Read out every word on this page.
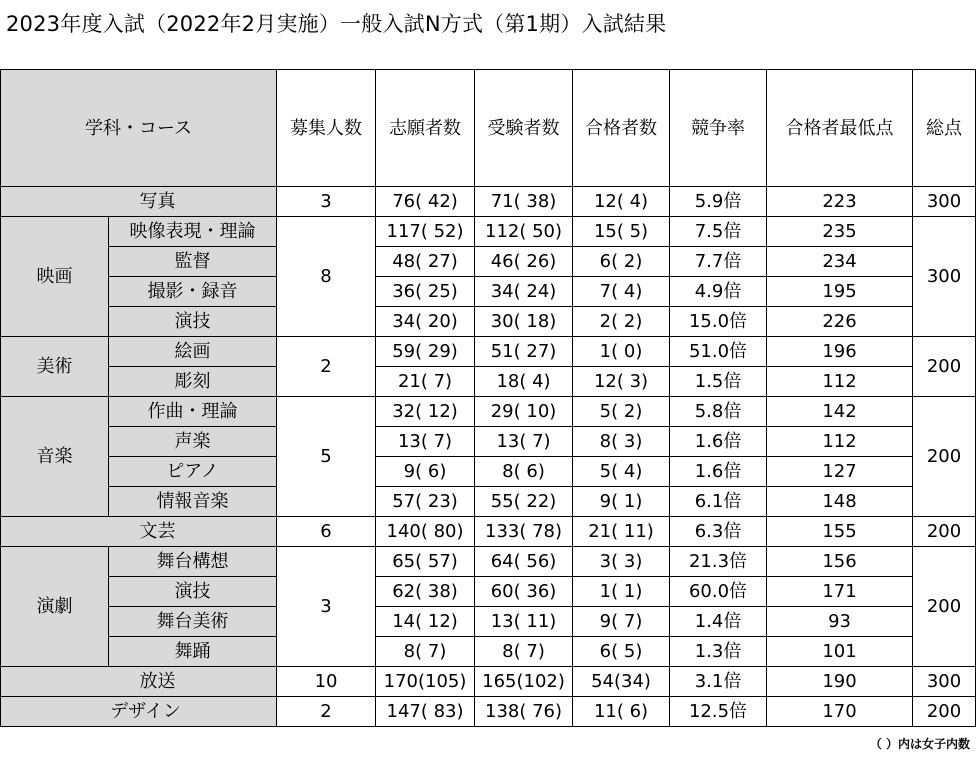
2023年度入試（2022年2月実施）一般入試N方式（第1期）入試結果
学科・コース		募集人数	志願者数	受験者数	合格者数	競争率	合格者最低点	総点
写真		3	76( 42)	71( 38)	12( 4)	5.9倍	223	300
映画	映像表現・理論	8	117( 52)	112( 50)	15( 5)	7.5倍	235	300
	監督		48( 27)	46( 26)	6( 2)	7.7倍	234	
	撮影・録音		36( 25)	34( 24)	7( 4)	4.9倍	195	
	演技		34( 20)	30( 18)	2( 2)	15.0倍	226	
美術	絵画	2	59( 29)	51( 27)	1( 0)	51.0倍	196	200
	彫刻		21( 7)	18( 4)	12( 3)	1.5倍	112	
音楽	作曲・理論	5	32( 12)	29( 10)	5( 2)	5.8倍	142	200
	声楽		13( 7)	13( 7)	8( 3)	1.6倍	112	
	ピアノ		9( 6)	8( 6)	5( 4)	1.6倍	127	
	情報音楽		57( 23)	55( 22)	9( 1)	6.1倍	148	
文芸		6	140( 80)	133( 78)	21( 11)	6.3倍	155	200
演劇	舞台構想	3	65( 57)	64( 56)	3( 3)	21.3倍	156	200
	演技		62( 38)	60( 36)	1( 1)	60.0倍	171	
	舞台美術		14( 12)	13( 11)	9( 7)	1.4倍	93	
	舞踊		8( 7)	8( 7)	6( 5)	1.3倍	101	
放送		10	170(105)	165(102)	54(34)	3.1倍	190	300
デザイン		2	147( 83)	138( 76)	11( 6)	12.5倍	170	200
（ ）内は女子内数
